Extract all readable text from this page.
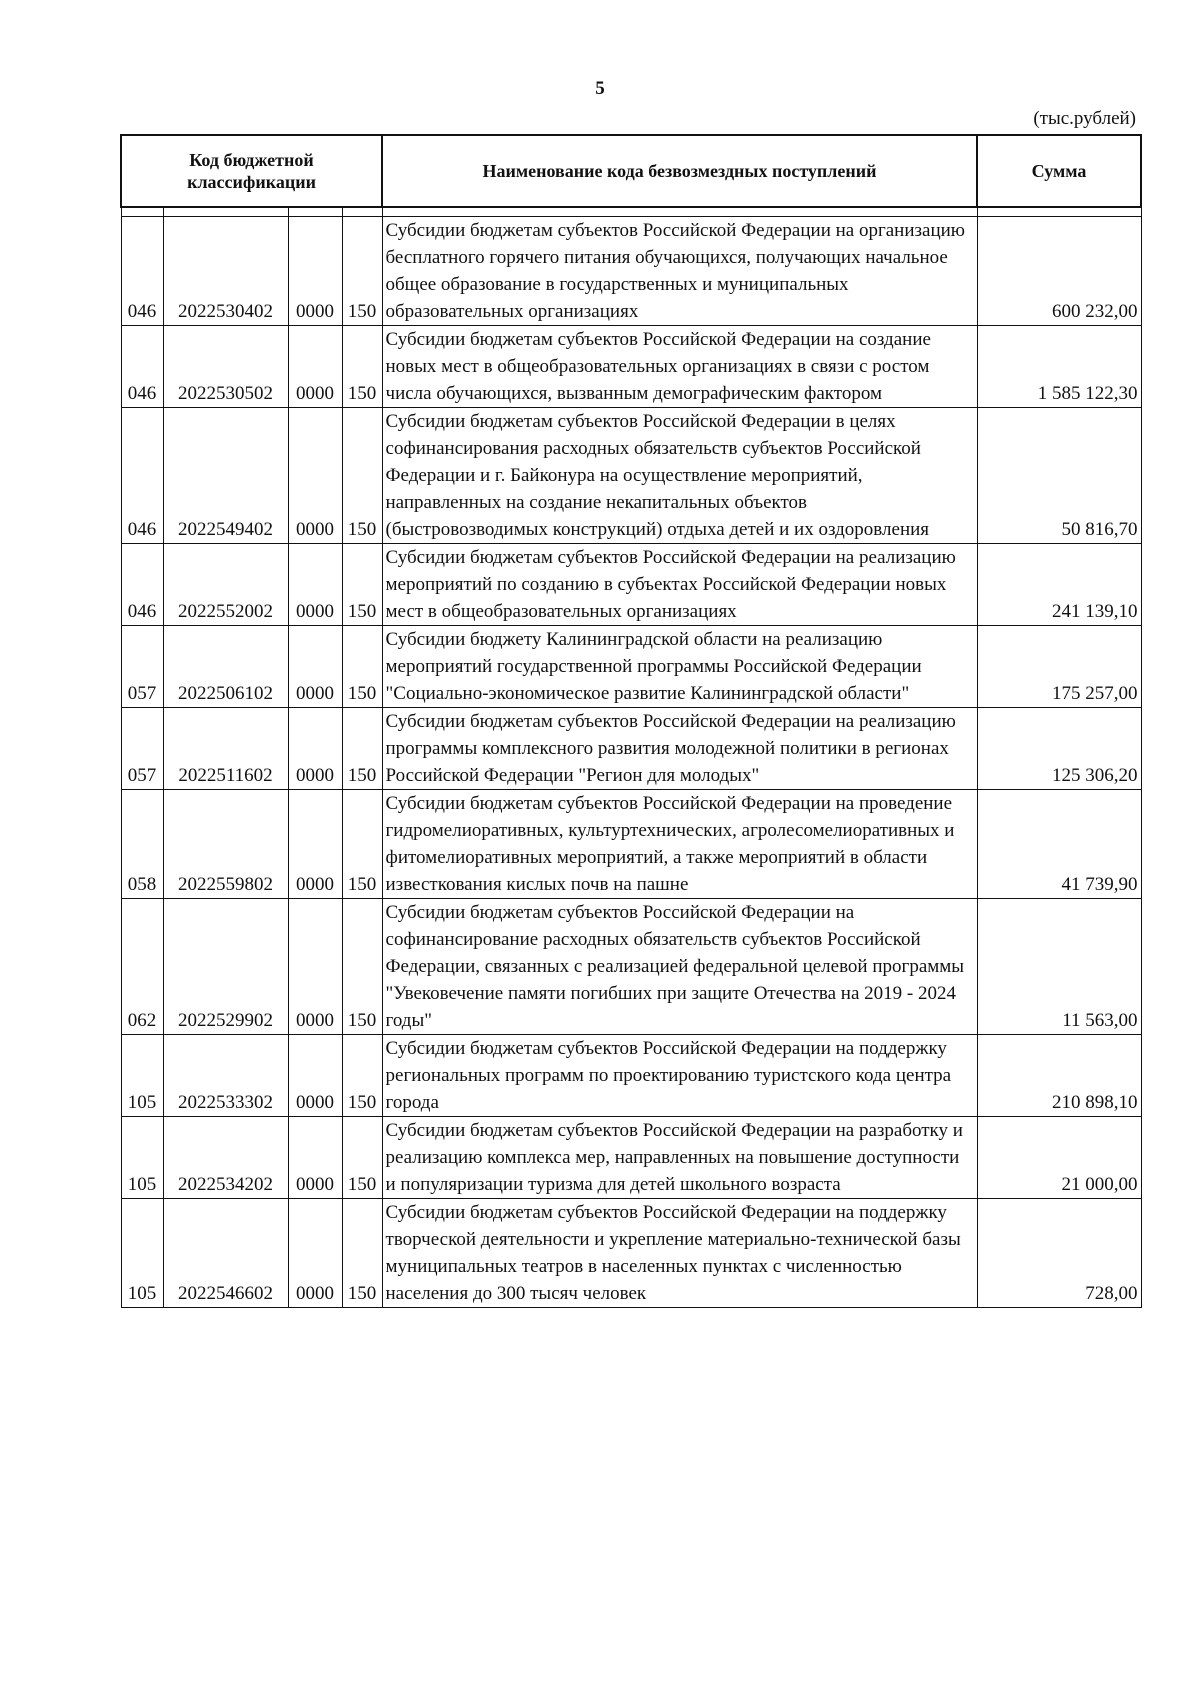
5
(тыс.рублей)
Код бюджетной классификации				Наименование кода безвозмездных поступлений	Сумма

046	2022530402	0000	150	Субсидии бюджетам субъектов Российской Федерации на организацию бесплатного горячего питания обучающихся, получающих начальное общее образование в государственных и муниципальных образовательных организациях	600 232,00
046	2022530502	0000	150	Субсидии бюджетам субъектов Российской Федерации на создание новых мест в общеобразовательных организациях в связи с ростом числа обучающихся, вызванным демографическим фактором	1 585 122,30
046	2022549402	0000	150	Субсидии бюджетам субъектов Российской Федерации в целях софинансирования расходных обязательств субъектов Российской Федерации и г. Байконура на осуществление мероприятий, направленных на создание некапитальных объектов (быстровозводимых конструкций) отдыха детей и их оздоровления	50 816,70
046	2022552002	0000	150	Субсидии бюджетам субъектов Российской Федерации на реализацию мероприятий по созданию в субъектах Российской Федерации новых мест в общеобразовательных организациях	241 139,10
057	2022506102	0000	150	Субсидии бюджету Калининградской области на реализацию мероприятий государственной программы Российской Федерации "Социально-экономическое развитие Калининградской области"	175 257,00
057	2022511602	0000	150	Субсидии бюджетам субъектов Российской Федерации на реализацию программы комплексного развития молодежной политики в регионах Российской Федерации "Регион для молодых"	125 306,20
058	2022559802	0000	150	Субсидии бюджетам субъектов Российской Федерации на проведение гидромелиоративных, культуртехнических, агролесомелиоративных и фитомелиоративных мероприятий, а также мероприятий в области известкования кислых почв на пашне	41 739,90
062	2022529902	0000	150	Субсидии бюджетам субъектов Российской Федерации на софинансирование расходных обязательств субъектов Российской Федерации, связанных с реализацией федеральной целевой программы "Увековечение памяти погибших при защите Отечества на 2019 - 2024 годы"	11 563,00
105	2022533302	0000	150	Субсидии бюджетам субъектов Российской Федерации на поддержку региональных программ по проектированию туристского кода центра города	210 898,10
105	2022534202	0000	150	Субсидии бюджетам субъектов Российской Федерации на разработку и реализацию комплекса мер, направленных на повышение доступности и популяризации туризма для детей школьного возраста	21 000,00
105	2022546602	0000	150	Субсидии бюджетам субъектов Российской Федерации на поддержку творческой деятельности и укрепление материально-технической базы муниципальных театров в населенных пунктах с численностью населения до 300 тысяч человек	728,00
